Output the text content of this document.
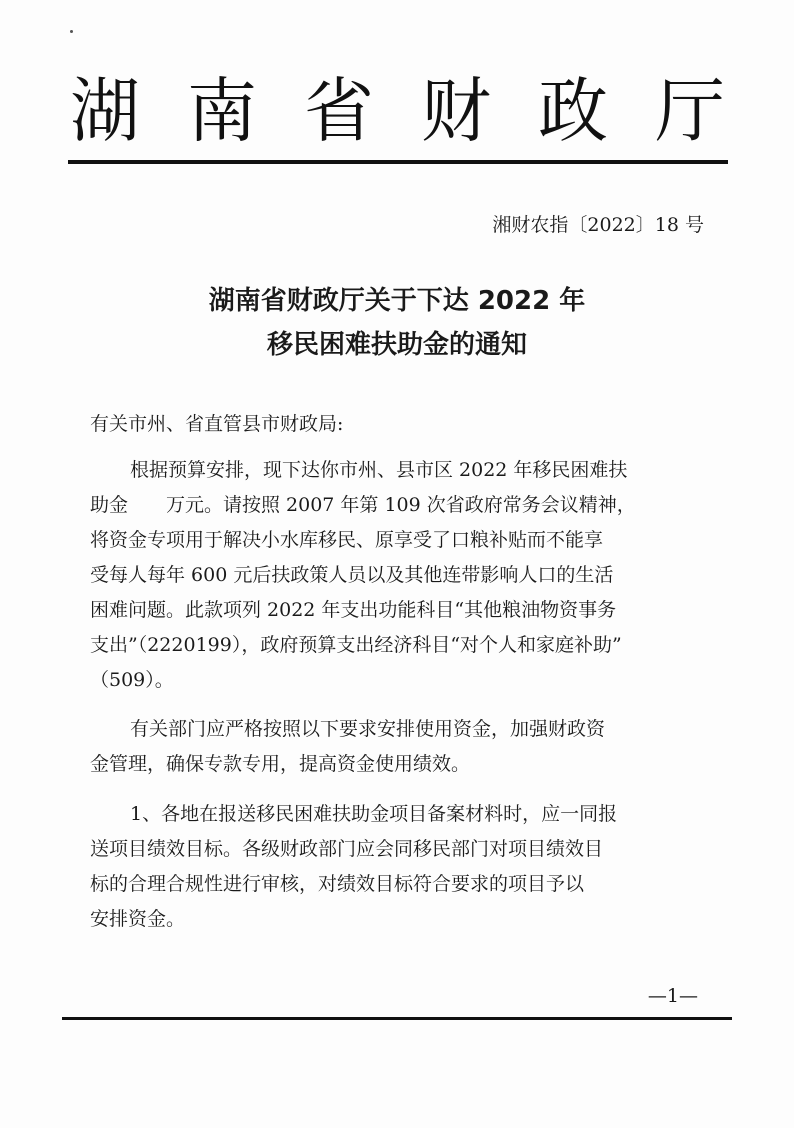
湖 南 省 财 政 厅
湘财农指〔2022〕18 号
湖南省财政厅关于下达 2022 年
移民困难扶助金的通知
有关市州、省直管县市财政局:
根据预算安排，现下达你市州、县市区 2022 年移民困难扶
助金　　万元。请按照 2007 年第 109 次省政府常务会议精神，
将资金专项用于解决小水库移民、原享受了口粮补贴而不能享
受每人每年 600 元后扶政策人员以及其他连带影响人口的生活
困难问题。此款项列 2022 年支出功能科目“其他粮油物资事务
支出”（2220199），政府预算支出经济科目“对个人和家庭补助”
（509）。
有关部门应严格按照以下要求安排使用资金，加强财政资
金管理，确保专款专用，提高资金使用绩效。
1、各地在报送移民困难扶助金项目备案材料时，应一同报
送项目绩效目标。各级财政部门应会同移民部门对项目绩效目
标的合理合规性进行审核，对绩效目标符合要求的项目予以
安排资金。
—1—
